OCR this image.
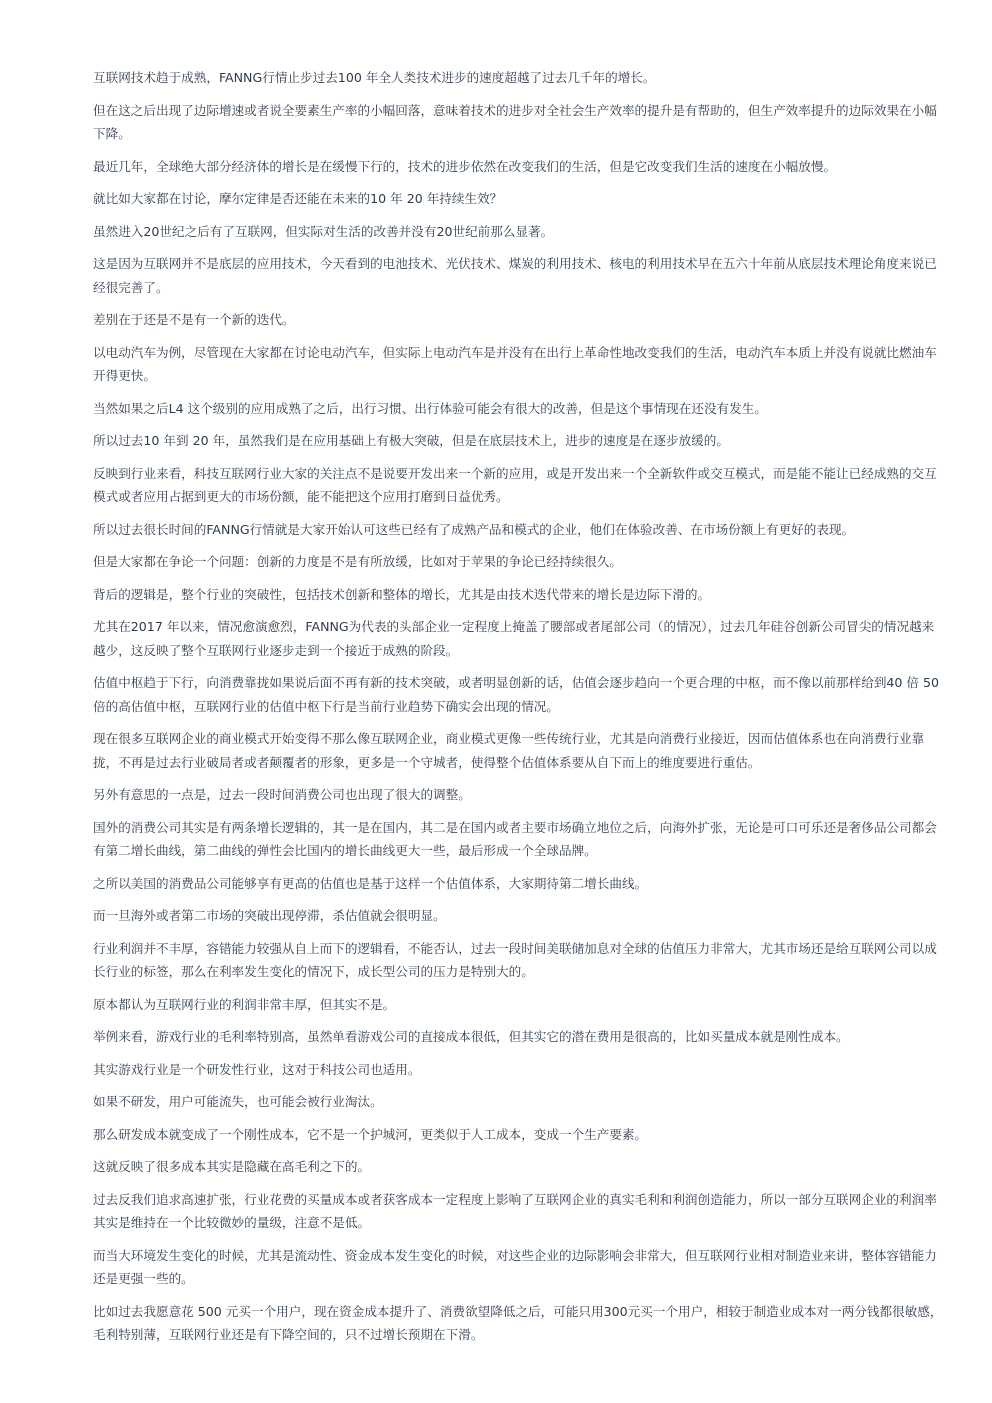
互联网技术趋于成熟，FANNG行情止步过去100 年全人类技术进步的速度超越了过去几千年的增长。

但在这之后出现了边际增速或者说全要素生产率的小幅回落，意味着技术的进步对全社会生产效率的提升是有帮助的，但生产效率提升的边际效果在小幅下降。

最近几年，全球绝大部分经济体的增长是在缓慢下行的，技术的进步依然在改变我们的生活，但是它改变我们生活的速度在小幅放慢。

就比如大家都在讨论，摩尔定律是否还能在未来的10 年 20 年持续生效？

虽然进入20世纪之后有了互联网，但实际对生活的改善并没有20世纪前那么显著。

这是因为互联网并不是底层的应用技术，今天看到的电池技术、光伏技术、煤炭的利用技术、核电的利用技术早在五六十年前从底层技术理论角度来说已经很完善了。

差别在于还是不是有一个新的迭代。

以电动汽车为例，尽管现在大家都在讨论电动汽车，但实际上电动汽车是并没有在出行上革命性地改变我们的生活，电动汽车本质上并没有说就比燃油车开得更快。

当然如果之后L4 这个级别的应用成熟了之后，出行习惯、出行体验可能会有很大的改善，但是这个事情现在还没有发生。

所以过去10 年到 20 年，虽然我们是在应用基础上有极大突破，但是在底层技术上，进步的速度是在逐步放缓的。

反映到行业来看，科技互联网行业大家的关注点不是说要开发出来一个新的应用，或是开发出来一个全新软件或交互模式，而是能不能让已经成熟的交互模式或者应用占据到更大的市场份额，能不能把这个应用打磨到日益优秀。

所以过去很长时间的FANNG行情就是大家开始认可这些已经有了成熟产品和模式的企业，他们在体验改善、在市场份额上有更好的表现。

但是大家都在争论一个问题：创新的力度是不是有所放缓，比如对于苹果的争论已经持续很久。

背后的逻辑是，整个行业的突破性，包括技术创新和整体的增长，尤其是由技术迭代带来的增长是边际下滑的。

尤其在2017 年以来，情况愈演愈烈，FANNG为代表的头部企业一定程度上掩盖了腰部或者尾部公司（的情况），过去几年硅谷创新公司冒尖的情况越来越少，这反映了整个互联网行业逐步走到一个接近于成熟的阶段。

估值中枢趋于下行，向消费靠拢如果说后面不再有新的技术突破，或者明显创新的话，估值会逐步趋向一个更合理的中枢，而不像以前那样给到40 倍 50 倍的高估值中枢，互联网行业的估值中枢下行是当前行业趋势下确实会出现的情况。

现在很多互联网企业的商业模式开始变得不那么像互联网企业，商业模式更像一些传统行业，尤其是向消费行业接近，因而估值体系也在向消费行业靠拢，不再是过去行业破局者或者颠覆者的形象，更多是一个守城者，使得整个估值体系要从自下而上的维度要进行重估。

另外有意思的一点是，过去一段时间消费公司也出现了很大的调整。

国外的消费公司其实是有两条增长逻辑的，其一是在国内，其二是在国内或者主要市场确立地位之后，向海外扩张，无论是可口可乐还是奢侈品公司都会有第二增长曲线，第二曲线的弹性会比国内的增长曲线更大一些，最后形成一个全球品牌。

之所以美国的消费品公司能够享有更高的估值也是基于这样一个估值体系，大家期待第二增长曲线。

而一旦海外或者第二市场的突破出现停滞，杀估值就会很明显。

行业利润并不丰厚，容错能力较强从自上而下的逻辑看，不能否认，过去一段时间美联储加息对全球的估值压力非常大，尤其市场还是给互联网公司以成长行业的标签，那么在利率发生变化的情况下，成长型公司的压力是特别大的。

原本都认为互联网行业的利润非常丰厚，但其实不是。

举例来看，游戏行业的毛利率特别高，虽然单看游戏公司的直接成本很低，但其实它的潜在费用是很高的，比如买量成本就是刚性成本。

其实游戏行业是一个研发性行业，这对于科技公司也适用。

如果不研发，用户可能流失，也可能会被行业淘汰。

那么研发成本就变成了一个刚性成本，它不是一个护城河，更类似于人工成本，变成一个生产要素。

这就反映了很多成本其实是隐藏在高毛利之下的。

过去反我们追求高速扩张，行业花费的买量成本或者获客成本一定程度上影响了互联网企业的真实毛利和利润创造能力，所以一部分互联网企业的利润率其实是维持在一个比较微妙的量级，注意不是低。

而当大环境发生变化的时候，尤其是流动性、资金成本发生变化的时候，对这些企业的边际影响会非常大，但互联网行业相对制造业来讲，整体容错能力还是更强一些的。

比如过去我愿意花 500 元买一个用户，现在资金成本提升了、消费欲望降低之后，可能只用300元买一个用户，相较于制造业成本对一两分钱都很敏感，毛利特别薄，互联网行业还是有下降空间的，只不过增长预期在下滑。
